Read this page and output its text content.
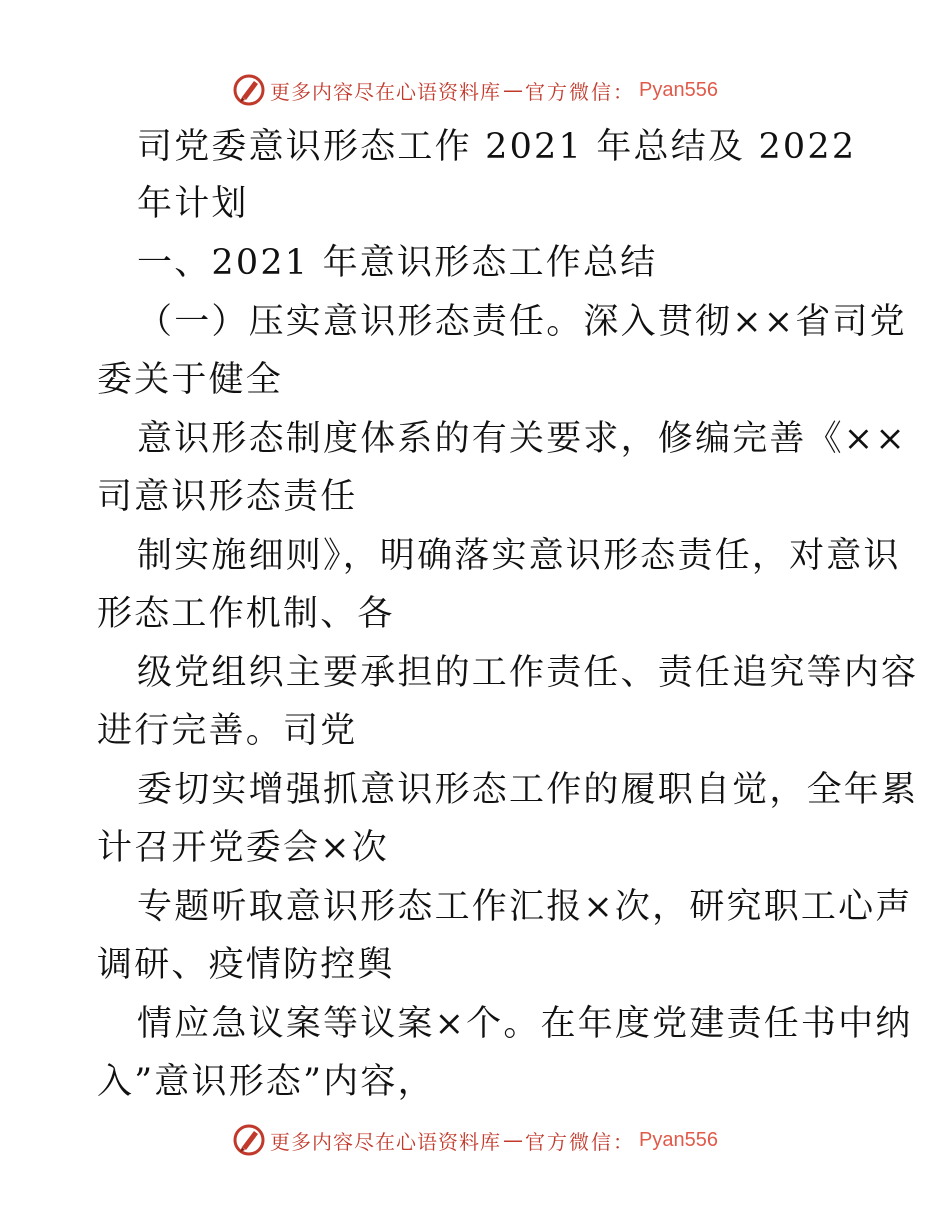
更多内容尽在心语资料库 — 官方微信： Pyan556
司党委意识形态工作 2021 年总结及 2022
年计划
一、2021 年意识形态工作总结
（一）压实意识形态责任。深入贯彻××省司党
委关于健全
意识形态制度体系的有关要求，修编完善《××
司意识形态责任
制实施细则》，明确落实意识形态责任，对意识
形态工作机制、各
级党组织主要承担的工作责任、责任追究等内容
进行完善。司党
委切实增强抓意识形态工作的履职自觉，全年累
计召开党委会×次
专题听取意识形态工作汇报×次，研究职工心声
调研、疫情防控舆
情应急议案等议案×个。在年度党建责任书中纳
入”意识形态”内容，
更多内容尽在心语资料库 — 官方微信： Pyan556
